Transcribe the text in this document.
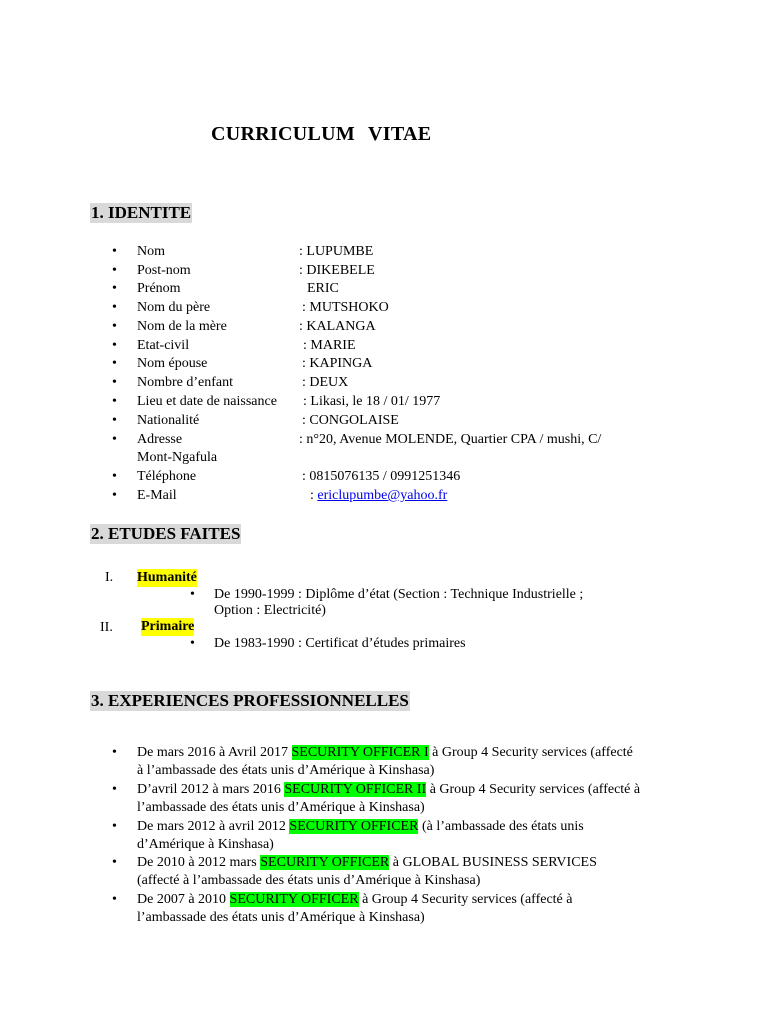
CURRICULUM VITAE
1. IDENTITE
• Nom	: LUPUMBE
• Post-nom	: DIKEBELE
• Prénom	ERIC
• Nom du père	: MUTSHOKO
• Nom de la mère	: KALANGA
• Etat-civil	: MARIE
• Nom épouse	: KAPINGA
• Nombre d’enfant	: DEUX
• Lieu et date de naissance : Likasi, le 18 / 01/ 1977
• Nationalité	: CONGOLAISE
• Adresse	: n°20, Avenue MOLENDE, Quartier CPA / mushi, C/
Mont-Ngafula
• Téléphone	: 0815076135 / 0991251346
• E-Mail	: ericlupumbe@yahoo.fr
2. ETUDES FAITES
I. Humanité
• De 1990-1999 : Diplôme d’état (Section : Technique Industrielle ;
Option : Electricité)
II. Primaire
• De 1983-1990 : Certificat d’études primaires
3. EXPERIENCES PROFESSIONNELLES
• De mars 2016 à Avril 2017 SECURITY OFFICER I à Group 4 Security services (affecté
à l’ambassade des états unis d’Amérique à Kinshasa)
• D’avril 2012 à mars 2016 SECURITY OFFICER II à Group 4 Security services (affecté à
l’ambassade des états unis d’Amérique à Kinshasa)
• De mars 2012 à avril 2012 SECURITY OFFICER (à l’ambassade des états unis
d’Amérique à Kinshasa)
• De 2010 à 2012 mars SECURITY OFFICER à GLOBAL BUSINESS SERVICES
(affecté à l’ambassade des états unis d’Amérique à Kinshasa)
• De 2007 à 2010 SECURITY OFFICER à Group 4 Security services (affecté à
l’ambassade des états unis d’Amérique à Kinshasa)
